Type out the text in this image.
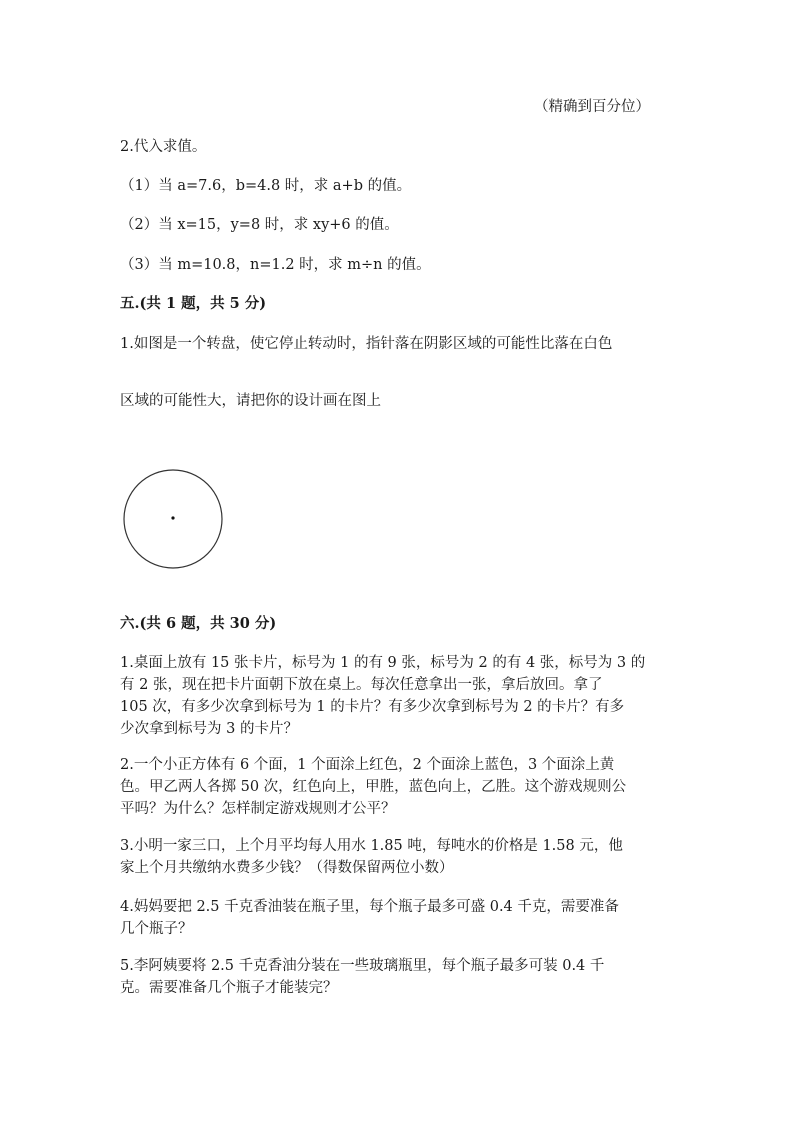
（精确到百分位）
2.代入求值。
（1）当 a=7.6，b=4.8 时，求 a+b 的值。
（2）当 x=15，y=8 时，求 xy+6 的值。
（3）当 m=10.8，n=1.2 时，求 m÷n 的值。
五.(共 1 题，共 5 分)
1.如图是一个转盘，使它停止转动时，指针落在阴影区域的可能性比落在白色
区域的可能性大，请把你的设计画在图上
六.(共 6 题，共 30 分)
1.桌面上放有 15 张卡片，标号为 1 的有 9 张，标号为 2 的有 4 张，标号为 3 的
有 2 张，现在把卡片面朝下放在桌上。每次任意拿出一张，拿后放回。拿了
105 次，有多少次拿到标号为 1 的卡片？有多少次拿到标号为 2 的卡片？有多
少次拿到标号为 3 的卡片？
2.一个小正方体有 6 个面，1 个面涂上红色，2 个面涂上蓝色，3 个面涂上黄
色。甲乙两人各掷 50 次，红色向上，甲胜，蓝色向上，乙胜。这个游戏规则公
平吗？为什么？怎样制定游戏规则才公平？
3.小明一家三口，上个月平均每人用水 1.85 吨，每吨水的价格是 1.58 元，他
家上个月共缴纳水费多少钱？（得数保留两位小数）
4.妈妈要把 2.5 千克香油装在瓶子里，每个瓶子最多可盛 0.4 千克，需要准备
几个瓶子？
5.李阿姨要将 2.5 千克香油分装在一些玻璃瓶里，每个瓶子最多可装 0.4 千
克。需要准备几个瓶子才能装完？
